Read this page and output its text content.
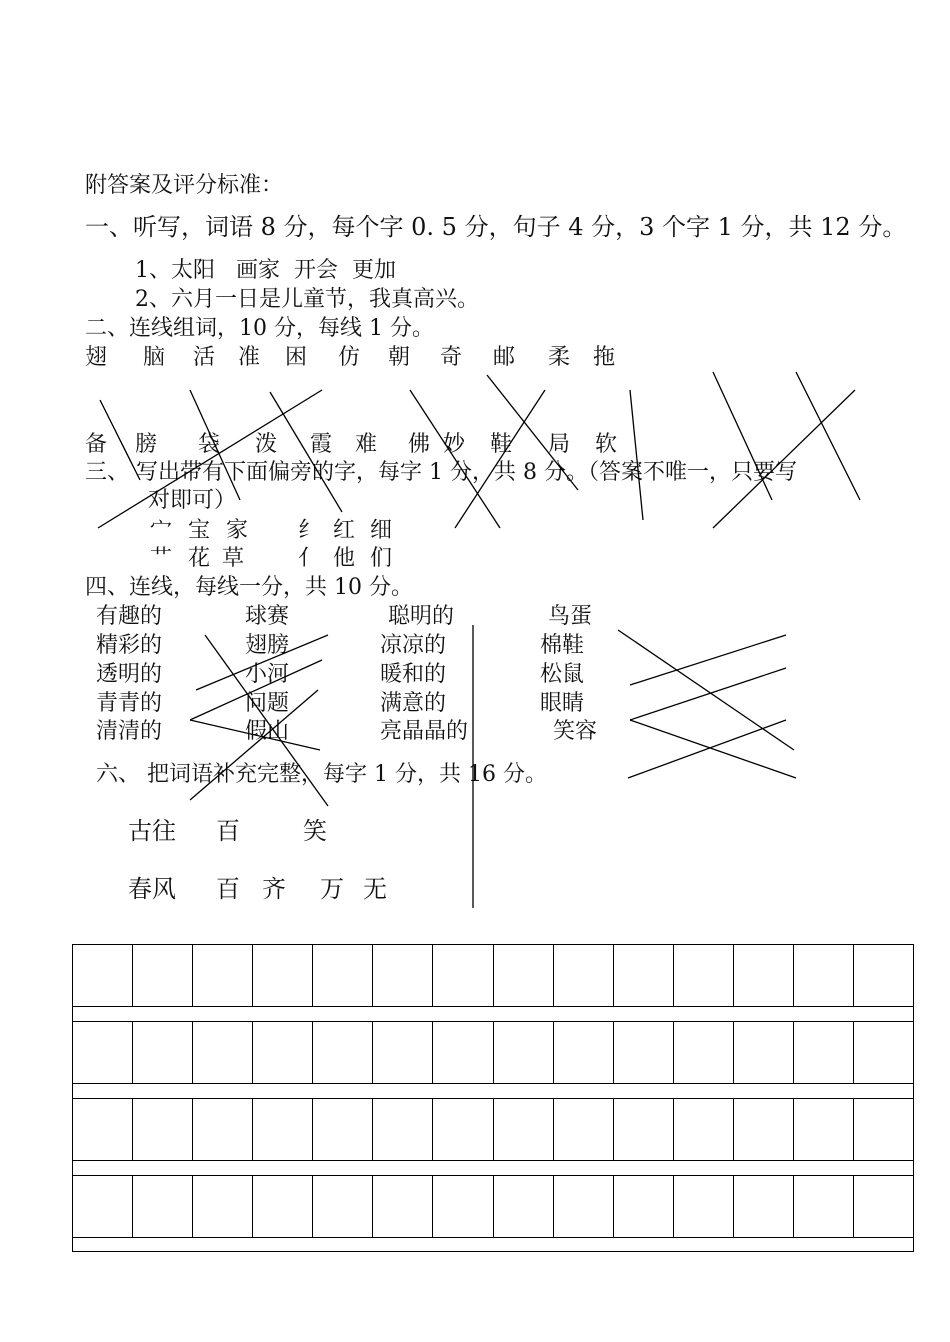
附答案及评分标准：
一、听写，词语 8 分，每个字 0. 5 分，句子 4 分，3 个字 1 分，共 12 分。
1、太阳   画家  开会  更加
2、六月一日是儿童节，我真高兴。
二、连线组词，10 分，每线 1 分。
翅 脑 活 准 困 仿 朝 奇 邮 柔 拖
备 膀 袋 泼 霞 难 佛 妙 鞋 局 软
三、 写出带有下面偏旁的字，每字 1 分，共 8 分。（答案不唯一，只要写
对即可）
宀 宝 家 纟 红 细
艹 花 草 亻 他 们
四、连线，每线一分，共 10 分。
有趣的
精彩的
透明的
青青的
清清的
球赛
翅膀
小河
问题
假山
聪明的
凉凉的
暖和的
满意的
亮晶晶的
鸟蛋
棉鞋
松鼠
眼睛
笑容
六、 把词语补充完整，每字 1 分，共 16 分。
古往 百	笑
春风 百 齐 万 无
